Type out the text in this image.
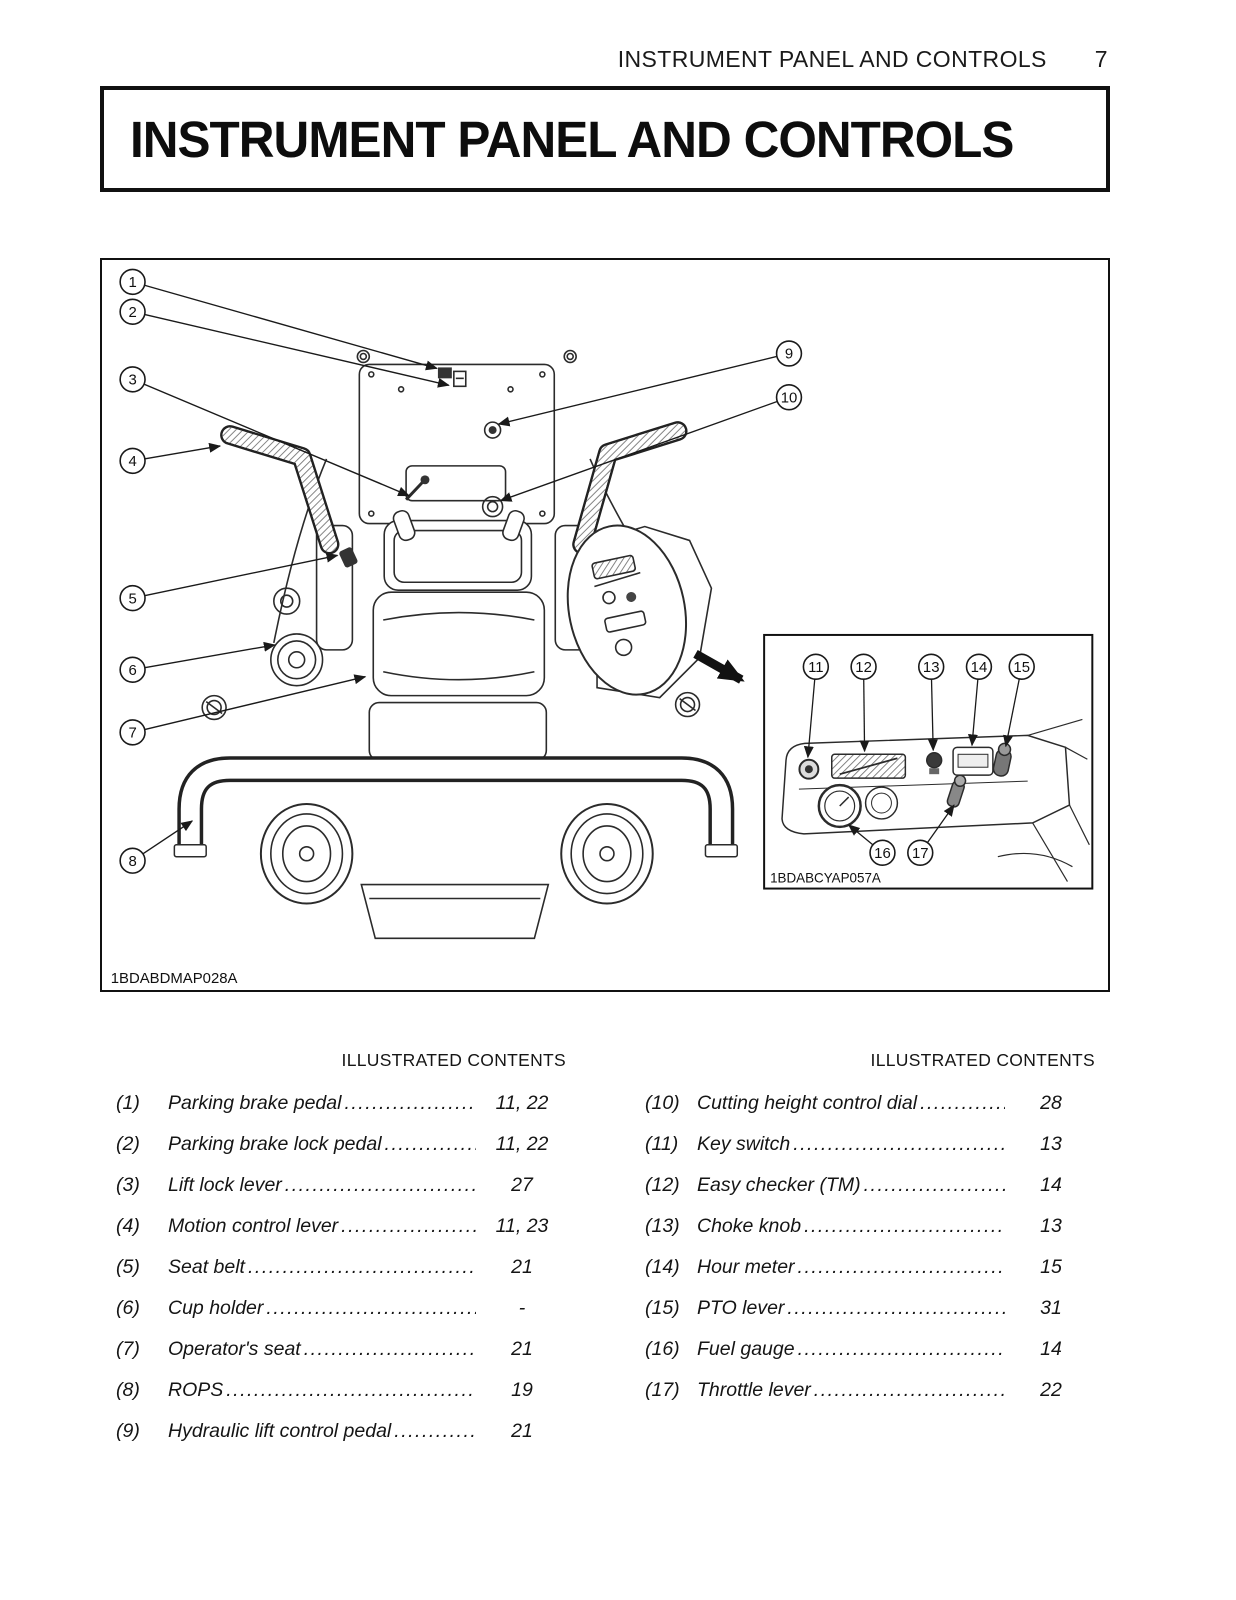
INSTRUMENT PANEL AND CONTROLS 7
INSTRUMENT PANEL AND CONTROLS
1
2
3
4
5
6
7
8
9
10
11 12	13 14 15
16 17
1BDABCYAP057A
1BDABDMAP028A
ILLUSTRATED CONTENTS
(1)	Parking brake pedal .....	11, 22
(2)	Parking brake lock pedal .....	11, 22
(3)	Lift lock lever .....	27
(4)	Motion control lever .....	11, 23
(5)	Seat belt .....	21
(6)	Cup holder .....	-
(7)	Operator's seat .....	21
(8)	ROPS .....	19
(9)	Hydraulic lift control pedal .....	21
ILLUSTRATED CONTENTS
(10) Cutting height control dial .....	28
(11) Key switch .....	13
(12) Easy checker (TM) .....	14
(13) Choke knob .....	13
(14) Hour meter .....	15
(15) PTO lever .....	31
(16) Fuel gauge .....	14
(17) Throttle lever .....	22
